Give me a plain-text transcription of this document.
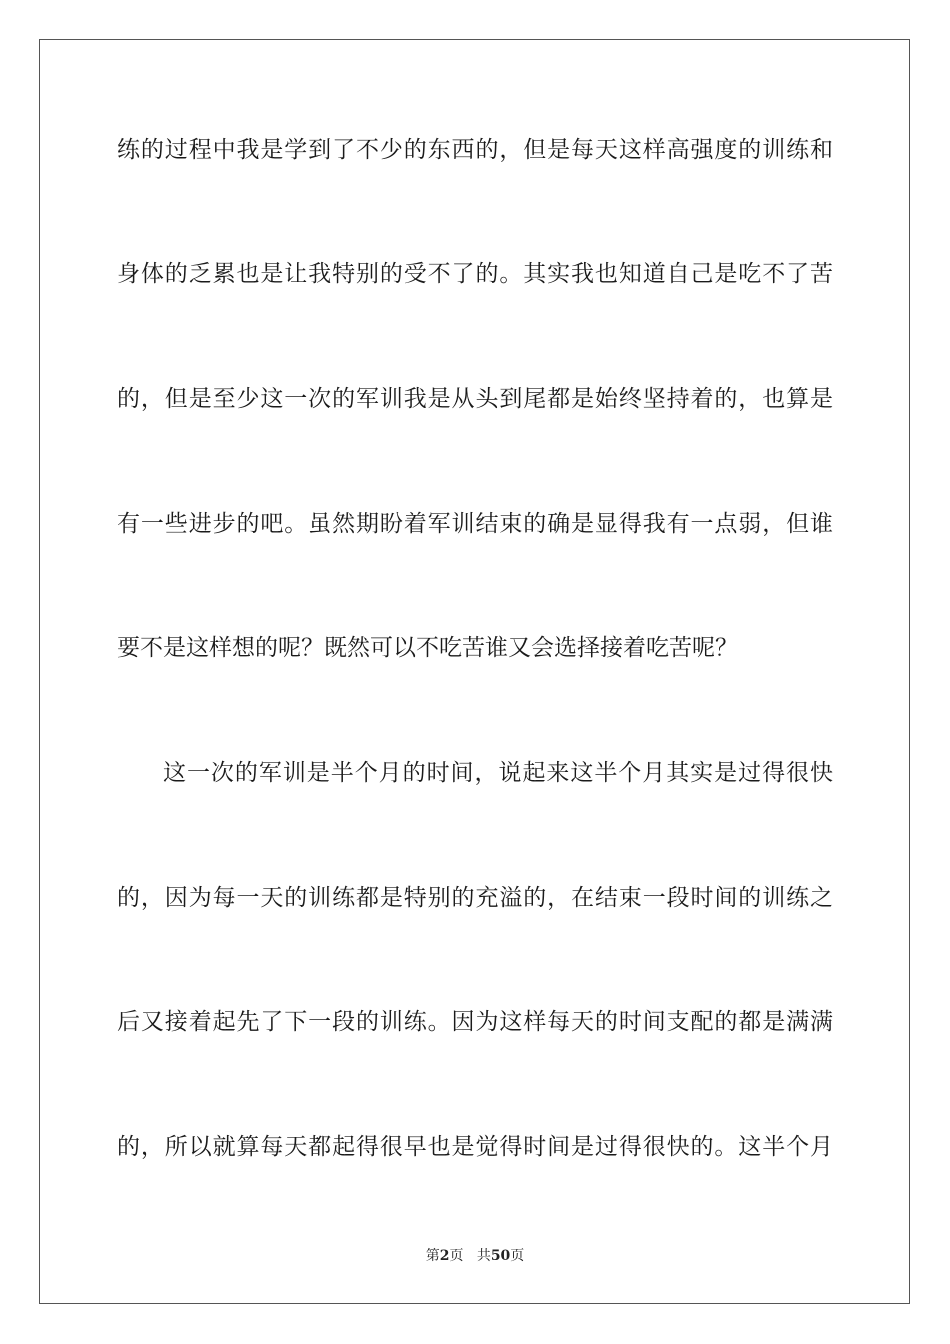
练的过程中我是学到了不少的东西的，但是每天这样高强度的训练和
身体的乏累也是让我特别的受不了的。其实我也知道自己是吃不了苦
的，但是至少这一次的军训我是从头到尾都是始终坚持着的，也算是
有一些进步的吧。虽然期盼着军训结束的确是显得我有一点弱，但谁
要不是这样想的呢？既然可以不吃苦谁又会选择接着吃苦呢？
这一次的军训是半个月的时间，说起来这半个月其实是过得很快
的，因为每一天的训练都是特别的充溢的，在结束一段时间的训练之
后又接着起先了下一段的训练。因为这样每天的时间支配的都是满满
的，所以就算每天都起得很早也是觉得时间是过得很快的。这半个月
第2页 共50页
